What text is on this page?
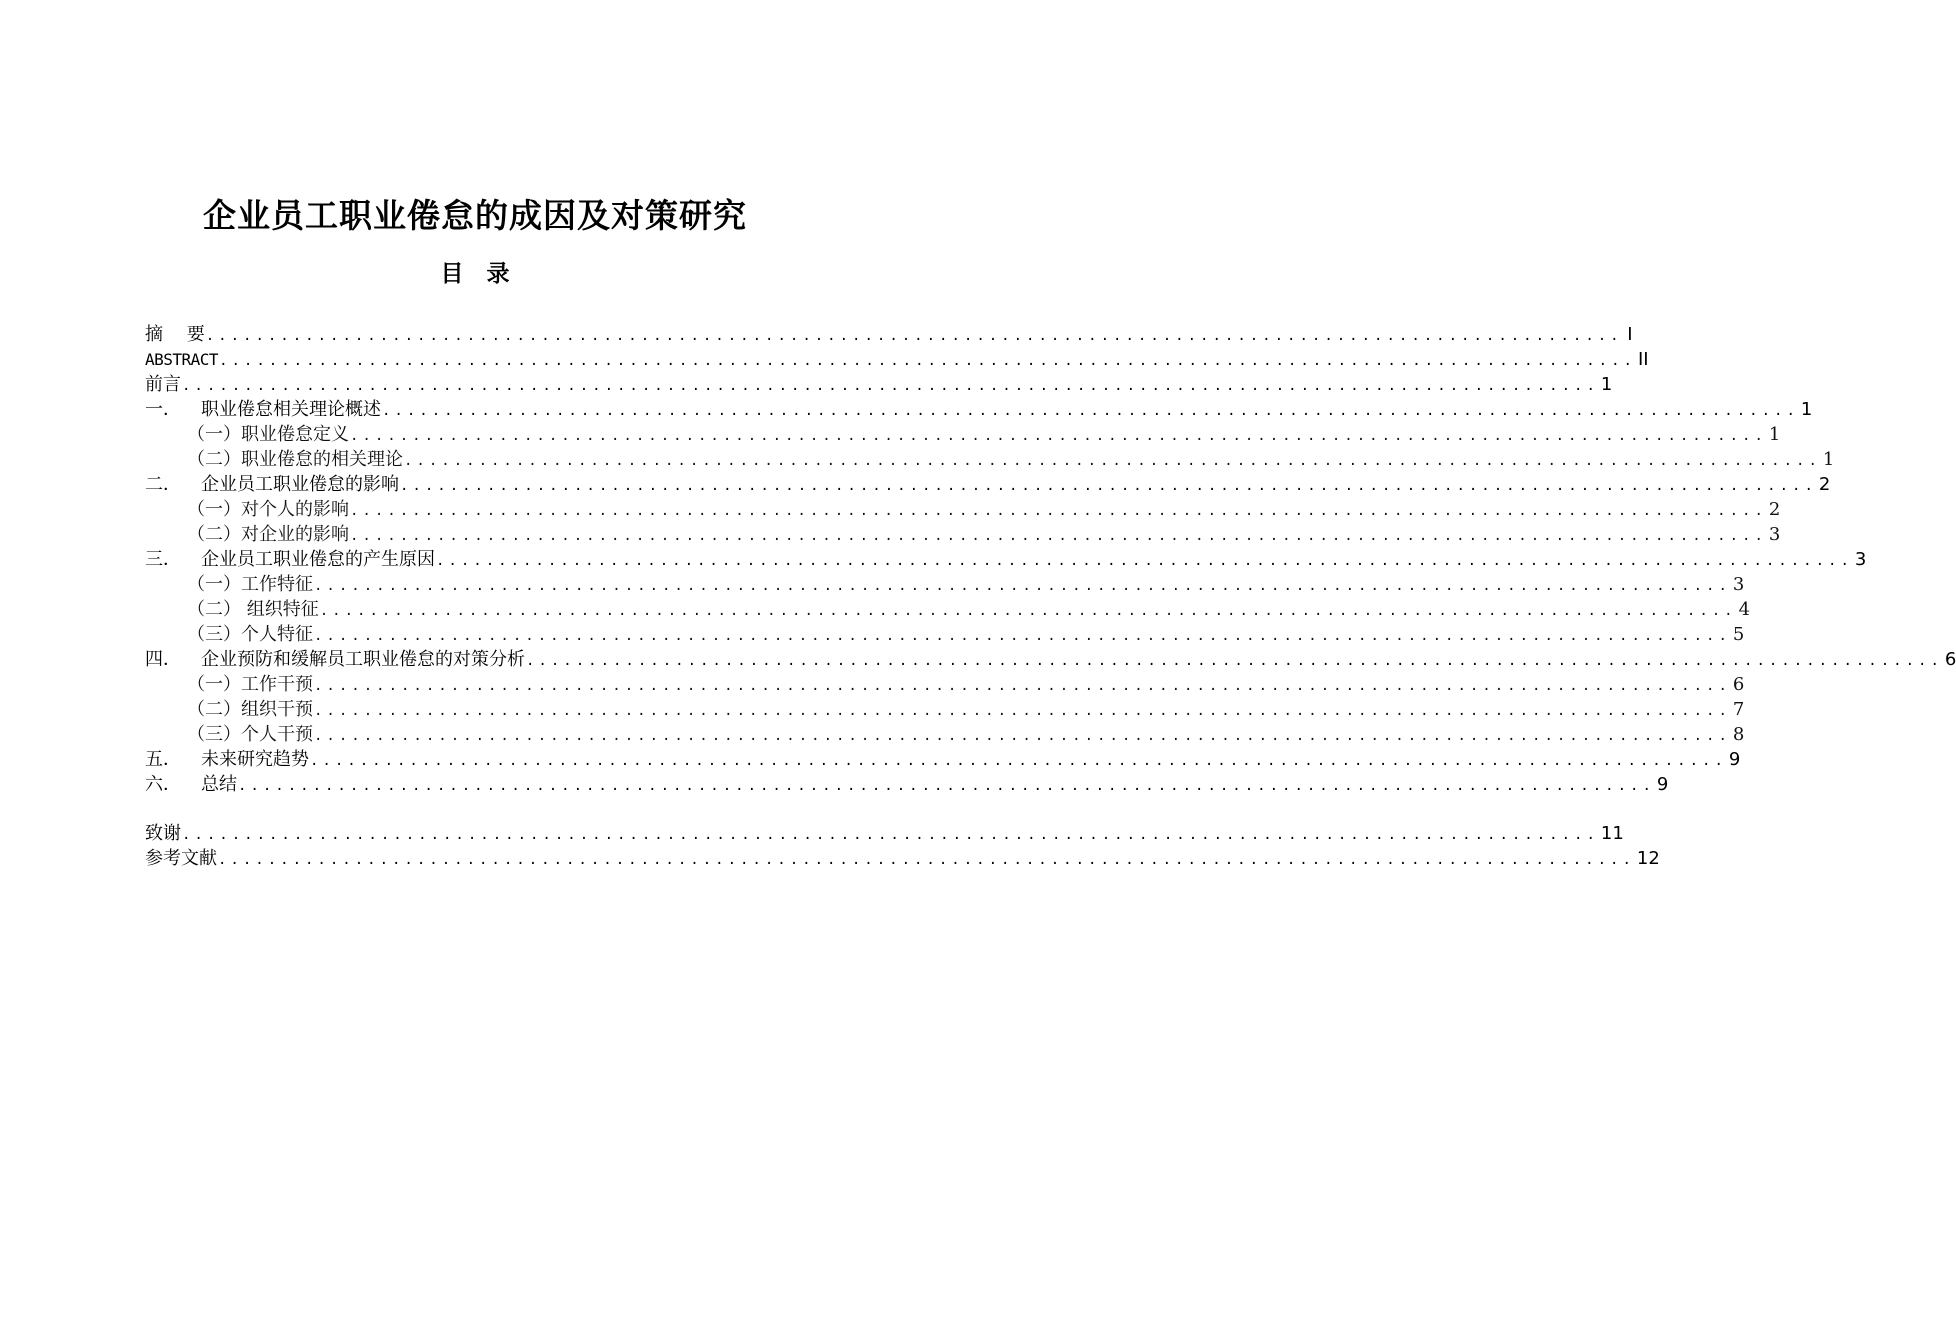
企业员工职业倦怠的成因及对策研究
目　录
摘　 要 .................................................................................................................. I
ABSTRACT .................................................................................................................. II
前言 .................................................................................................................. 1
一．	职业倦怠相关理论概述 .................................................................................................................. 1
（一）职业倦怠定义 .................................................................................................................. 1
（二）职业倦怠的相关理论 .................................................................................................................. 1
二．	企业员工职业倦怠的影响 .................................................................................................................. 2
（一）对个人的影响 .................................................................................................................. 2
（二）对企业的影响 .................................................................................................................. 3
三．	企业员工职业倦怠的产生原因 .................................................................................................................. 3
（一）工作特征 .................................................................................................................. 3
（二） 组织特征 .................................................................................................................. 4
（三）个人特征 .................................................................................................................. 5
四．	企业预防和缓解员工职业倦怠的对策分析 .................................................................................................................. 6
（一）工作干预 .................................................................................................................. 6
（二）组织干预 .................................................................................................................. 7
（三）个人干预 .................................................................................................................. 8
五．	未来研究趋势 .................................................................................................................. 9
六．	总结 .................................................................................................................. 9
致谢 .................................................................................................................. 11
参考文献 .................................................................................................................. 12
